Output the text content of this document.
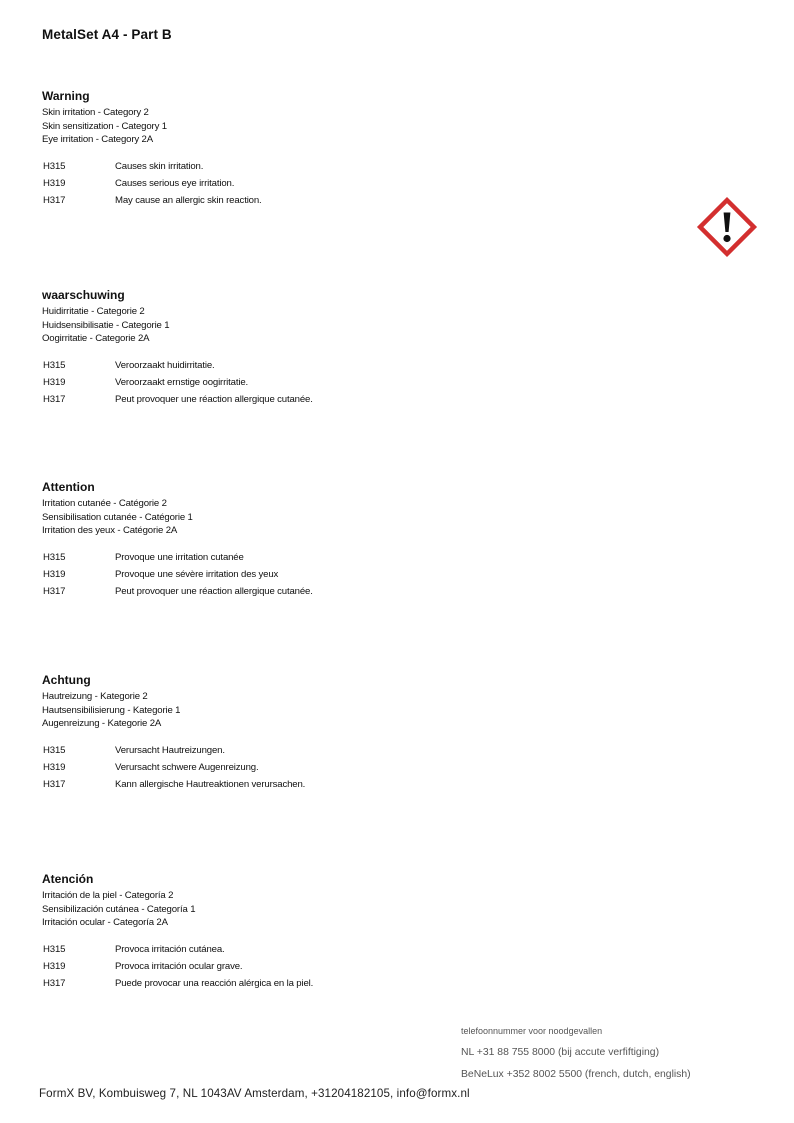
MetalSet A4 - Part B
Warning
Skin irritation - Category 2
Skin sensitization - Category 1
Eye irritation - Category 2A
H315	Causes skin irritation.
H319	Causes serious eye irritation.
H317	May cause an allergic skin reaction.
waarschuwing
Huidirritatie - Categorie 2
Huidsensibilisatie - Categorie 1
Oogirritatie - Categorie 2A
H315	Veroorzaakt huidirritatie.
H319	Veroorzaakt ernstige oogirritatie.
H317	Peut provoquer une réaction allergique cutanée.
Attention
Irritation cutanée - Catégorie 2
Sensibilisation cutanée - Catégorie 1
Irritation des yeux - Catégorie 2A
H315	Provoque une irritation cutanée
H319	Provoque une sévère irritation des yeux
H317	Peut provoquer une réaction allergique cutanée.
Achtung
Hautreizung - Kategorie 2
Hautsensibilisierung - Kategorie 1
Augenreizung - Kategorie 2A
H315	Verursacht Hautreizungen.
H319	Verursacht schwere Augenreizung.
H317	Kann allergische Hautreaktionen verursachen.
Atención
Irritación de la piel - Categoría 2
Sensibilización cutánea - Categoría 1
Irritación ocular - Categoría 2A
H315	Provoca irritación cutánea.
H319	Provoca irritación ocular grave.
H317	Puede provocar una reacción alérgica en la piel.
telefoonnummer voor noodgevallen
NL +31 88 755 8000 (bij accute verfiftiging)
BeNeLux +352 8002 5500 (french, dutch, english)
FormX BV, Kombuisweg 7, NL 1043AV Amsterdam, +31204182105, info@formx.nl
